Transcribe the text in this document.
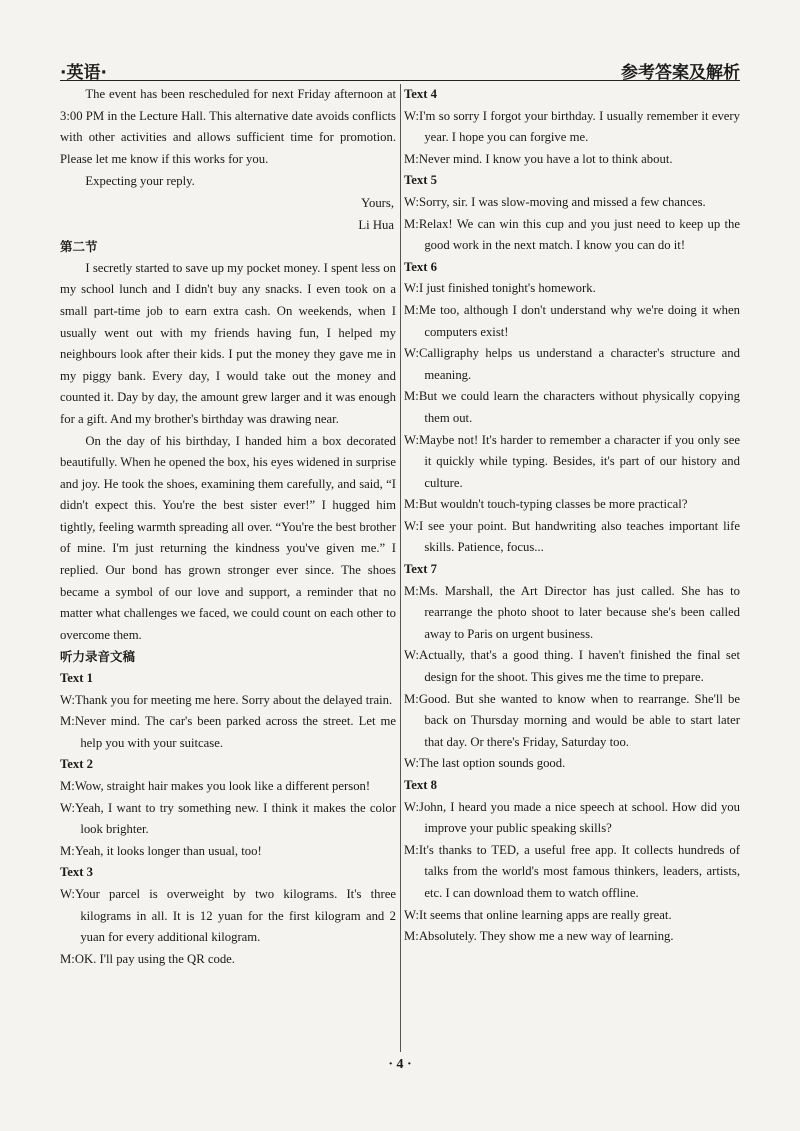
·英语·	参考答案及解析

The event has been rescheduled for next Friday afternoon at 3:00 PM in the Lecture Hall. This alternative date avoids conflicts with other activities and allows sufficient time for promotion. Please let me know if this works for you.

Expecting your reply.

Yours,

Li Hua

第二节

I secretly started to save up my pocket money. I spent less on my school lunch and I didn't buy any snacks. I even took on a small part-time job to earn extra cash. On weekends, when I usually went out with my friends having fun, I helped my neighbours look after their kids. I put the money they gave me in my piggy bank. Every day, I would take out the money and counted it. Day by day, the amount grew larger and it was enough for a gift. And my brother's birthday was drawing near.

On the day of his birthday, I handed him a box decorated beautifully. When he opened the box, his eyes widened in surprise and joy. He took the shoes, examining them carefully, and said, “I didn't expect this. You're the best sister ever!” I hugged him tightly, feeling warmth spreading all over. “You're the best brother of mine. I'm just returning the kindness you've given me.” I replied. Our bond has grown stronger ever since. The shoes became a symbol of our love and support, a reminder that no matter what challenges we faced, we could count on each other to overcome them.

听力录音文稿

Text 1

W:Thank you for meeting me here. Sorry about the delayed train.

M:Never mind. The car's been parked across the street. Let me help you with your suitcase.

Text 2

M:Wow, straight hair makes you look like a different person!

W:Yeah, I want to try something new. I think it makes the color look brighter.

M:Yeah, it looks longer than usual, too!

Text 3

W:Your parcel is overweight by two kilograms. It's three kilograms in all. It is 12 yuan for the first kilogram and 2 yuan for every additional kilogram.

M:OK. I'll pay using the QR code.

Text 4

W:I'm so sorry I forgot your birthday. I usually remember it every year. I hope you can forgive me.

M:Never mind. I know you have a lot to think about.

Text 5

W:Sorry, sir. I was slow-moving and missed a few chances.

M:Relax! We can win this cup and you just need to keep up the good work in the next match. I know you can do it!

Text 6

W:I just finished tonight's homework.

M:Me too, although I don't understand why we're doing it when computers exist!

W:Calligraphy helps us understand a character's structure and meaning.

M:But we could learn the characters without physically copying them out.

W:Maybe not! It's harder to remember a character if you only see it quickly while typing. Besides, it's part of our history and culture.

M:But wouldn't touch-typing classes be more practical?

W:I see your point. But handwriting also teaches important life skills. Patience, focus...

Text 7

M:Ms. Marshall, the Art Director has just called. She has to rearrange the photo shoot to later because she's been called away to Paris on urgent business.

W:Actually, that's a good thing. I haven't finished the final set design for the shoot. This gives me the time to prepare.

M:Good. But she wanted to know when to rearrange. She'll be back on Thursday morning and would be able to start later that day. Or there's Friday, Saturday too.

W:The last option sounds good.

Text 8

W:John, I heard you made a nice speech at school. How did you improve your public speaking skills?

M:It's thanks to TED, a useful free app. It collects hundreds of talks from the world's most famous thinkers, leaders, artists, etc. I can download them to watch offline.

W:It seems that online learning apps are really great.

M:Absolutely. They show me a new way of learning.

· 4 ·
